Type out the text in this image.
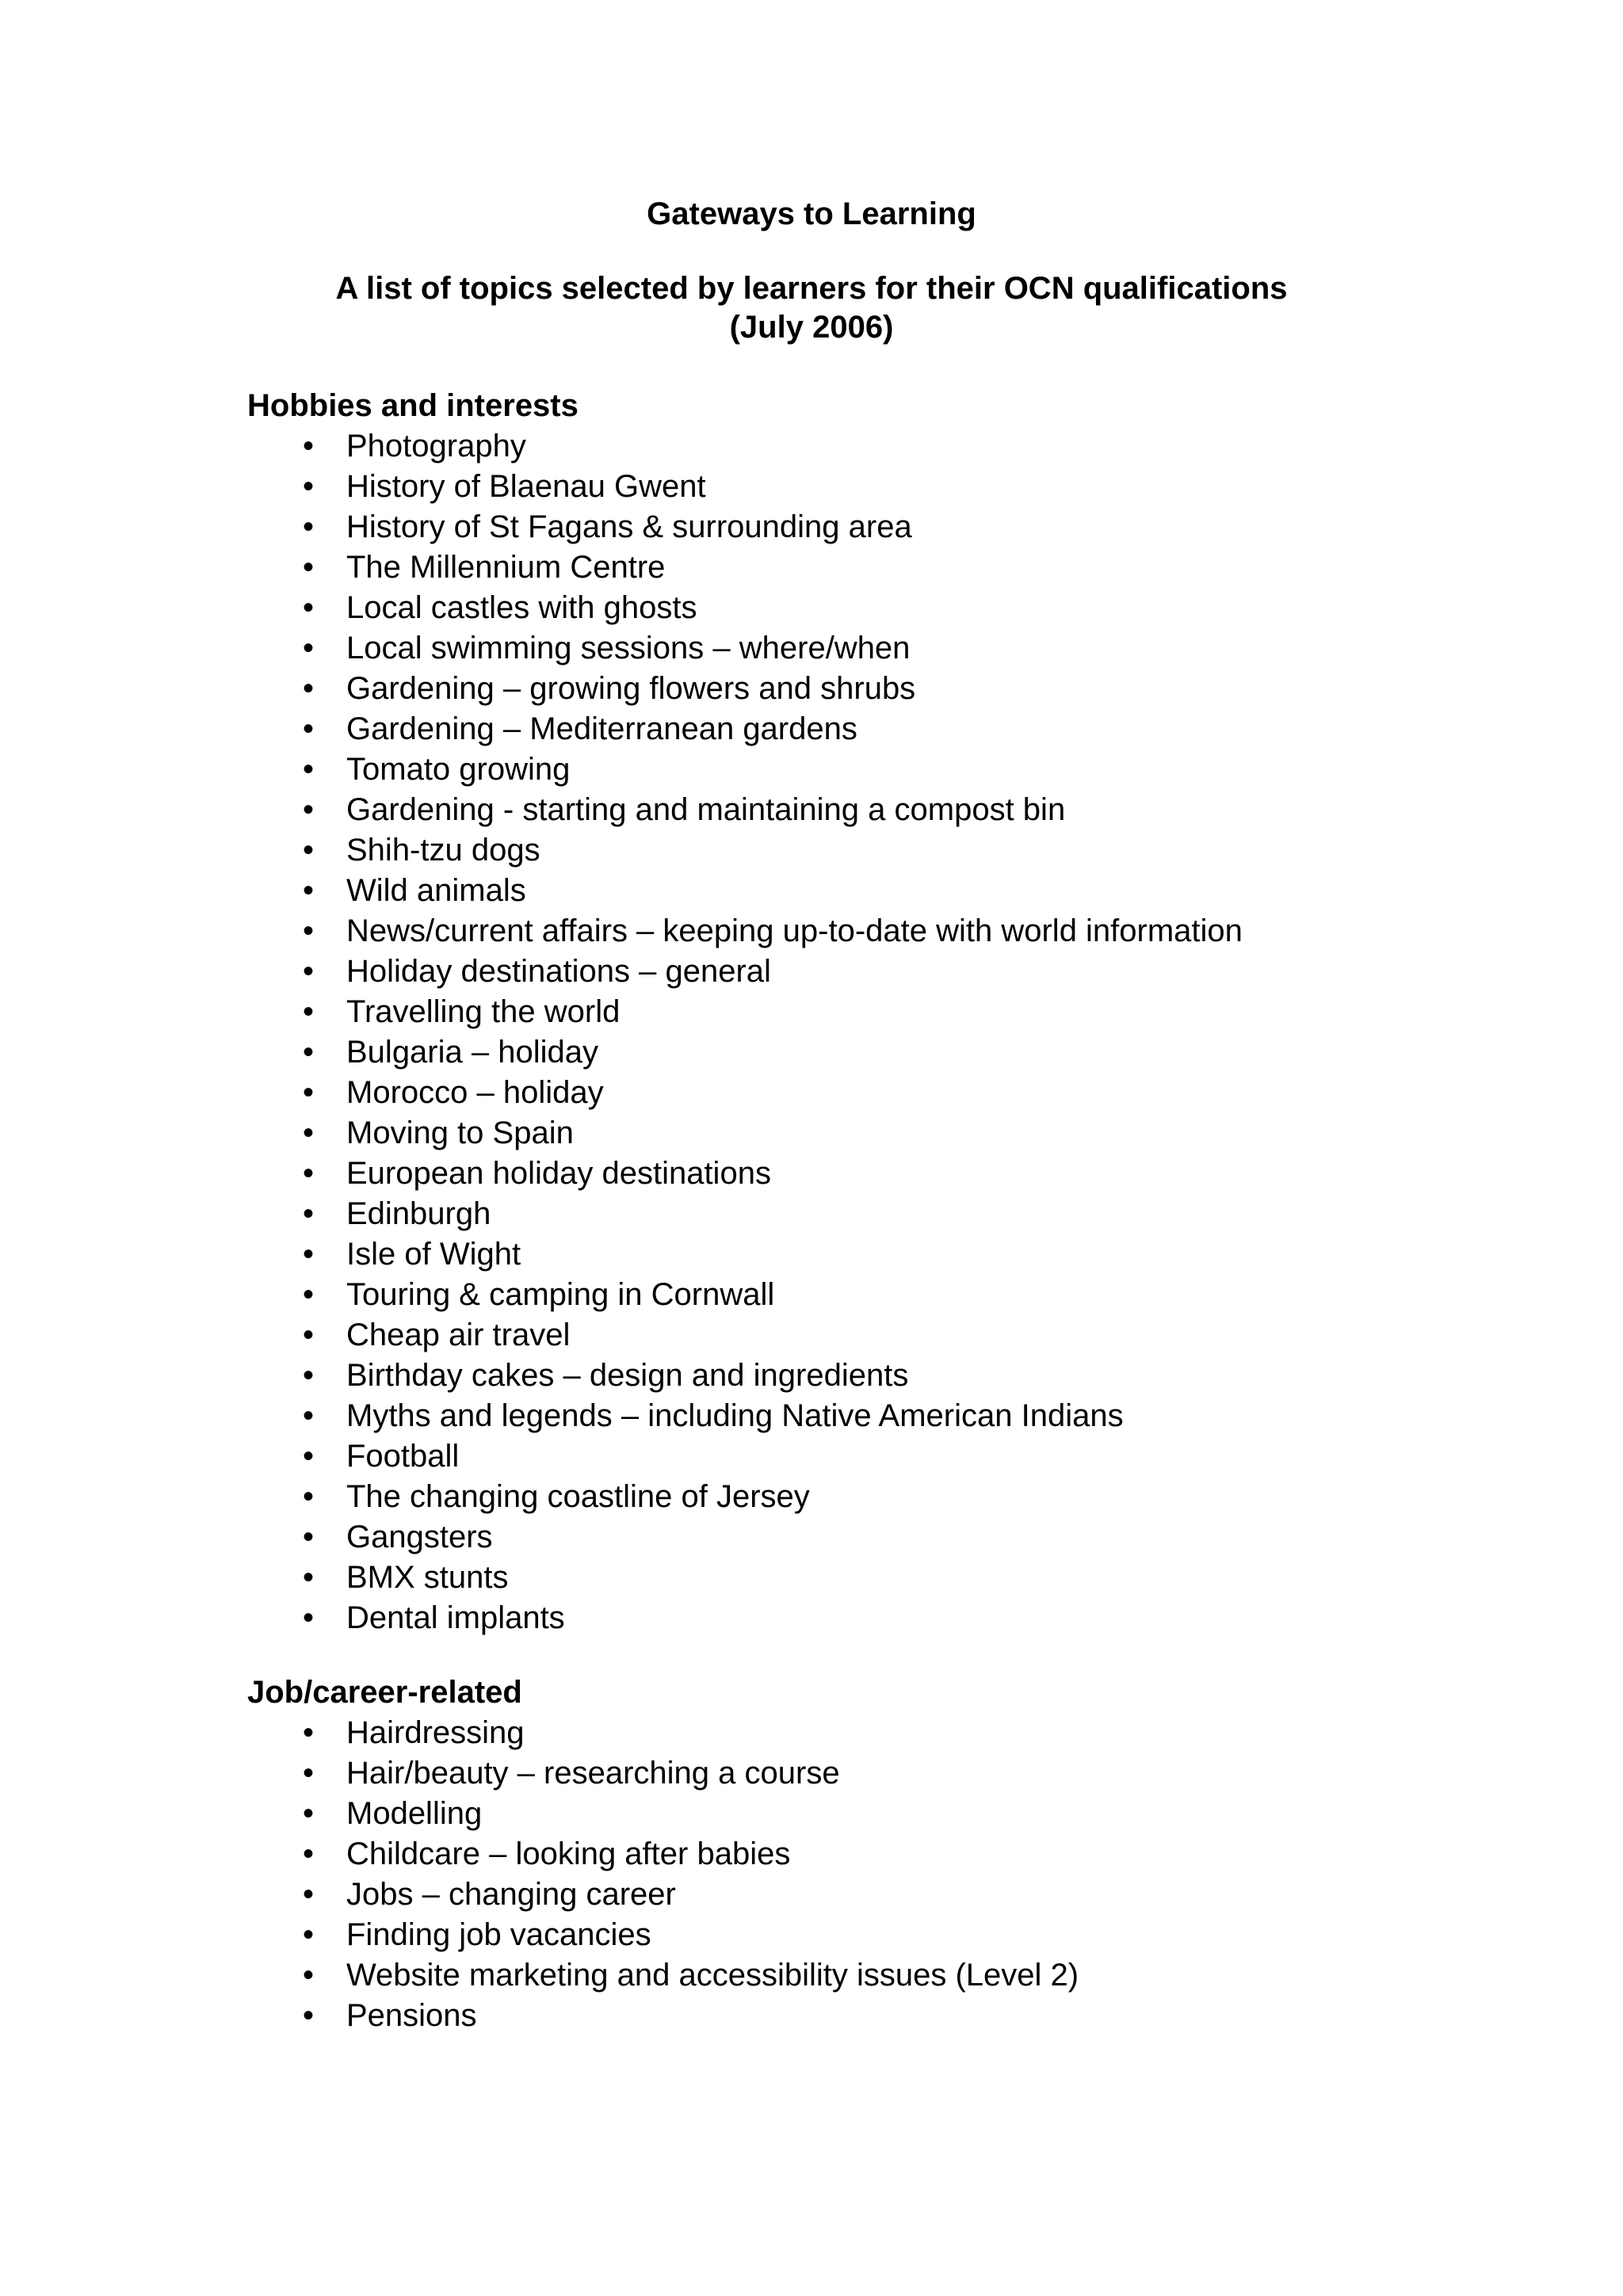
Gateways to Learning
A list of topics selected by learners for their OCN qualifications
(July 2006)
Hobbies and interests
• Photography
• History of Blaenau Gwent
• History of St Fagans & surrounding area
• The Millennium Centre
• Local castles with ghosts
• Local swimming sessions – where/when
• Gardening – growing flowers and shrubs
• Gardening – Mediterranean gardens
• Tomato growing
• Gardening - starting and maintaining a compost bin
• Shih-tzu dogs
• Wild animals
• News/current affairs – keeping up-to-date with world information
• Holiday destinations – general
• Travelling the world
• Bulgaria – holiday
• Morocco – holiday
• Moving to Spain
• European holiday destinations
• Edinburgh
• Isle of Wight
• Touring & camping in Cornwall
• Cheap air travel
• Birthday cakes – design and ingredients
• Myths and legends – including Native American Indians
• Football
• The changing coastline of Jersey
• Gangsters
• BMX stunts
• Dental implants
Job/career-related
• Hairdressing
• Hair/beauty – researching a course
• Modelling
• Childcare – looking after babies
• Jobs – changing career
• Finding job vacancies
• Website marketing and accessibility issues (Level 2)
• Pensions
